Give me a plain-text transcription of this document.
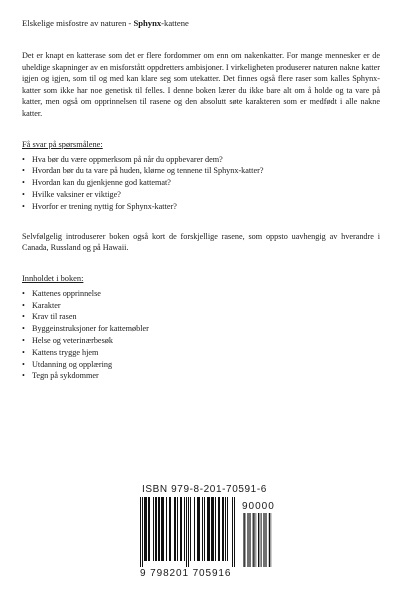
Elskelige misfostre av naturen - Sphynx-kattene

Det er knapt en katterase som det er flere fordommer om enn om nakenkatter. For mange mennesker er de uheldige skapninger av en misforstått oppdretters ambisjoner. I virkeligheten produserer naturen nakne katter igjen og igjen, som til og med kan klare seg som utekatter. Det finnes også flere raser som kalles Sphynx-katter som ikke har noe genetisk til felles. I denne boken lærer du ikke bare alt om å holde og ta vare på katter, men også om opprinnelsen til rasene og den absolutt søte karakteren som er medfødt i alle nakne katter.

Få svar på spørsmålene:
• Hva bør du være oppmerksom på når du oppbevarer dem?
• Hvordan bør du ta vare på huden, klørne og tennene til Sphynx-katter?
• Hvordan kan du gjenkjenne god kattemat?
• Hvilke vaksiner er viktige?
• Hvorfor er trening nyttig for Sphynx-katter?

Selvfølgelig introduserer boken også kort de forskjellige rasene, som oppsto uavhengig av hverandre i Canada, Russland og på Hawaii.

Innholdet i boken:
• Kattenes opprinnelse
• Karakter
• Krav til rasen
• Byggeinstruksjoner for kattemøbler
• Helse og veterinærbesøk
• Kattens trygge hjem
• Utdanning og opplæring
• Tegn på sykdommer
ISBN 979-8-201-70591-6
90000
9 798201 705916
